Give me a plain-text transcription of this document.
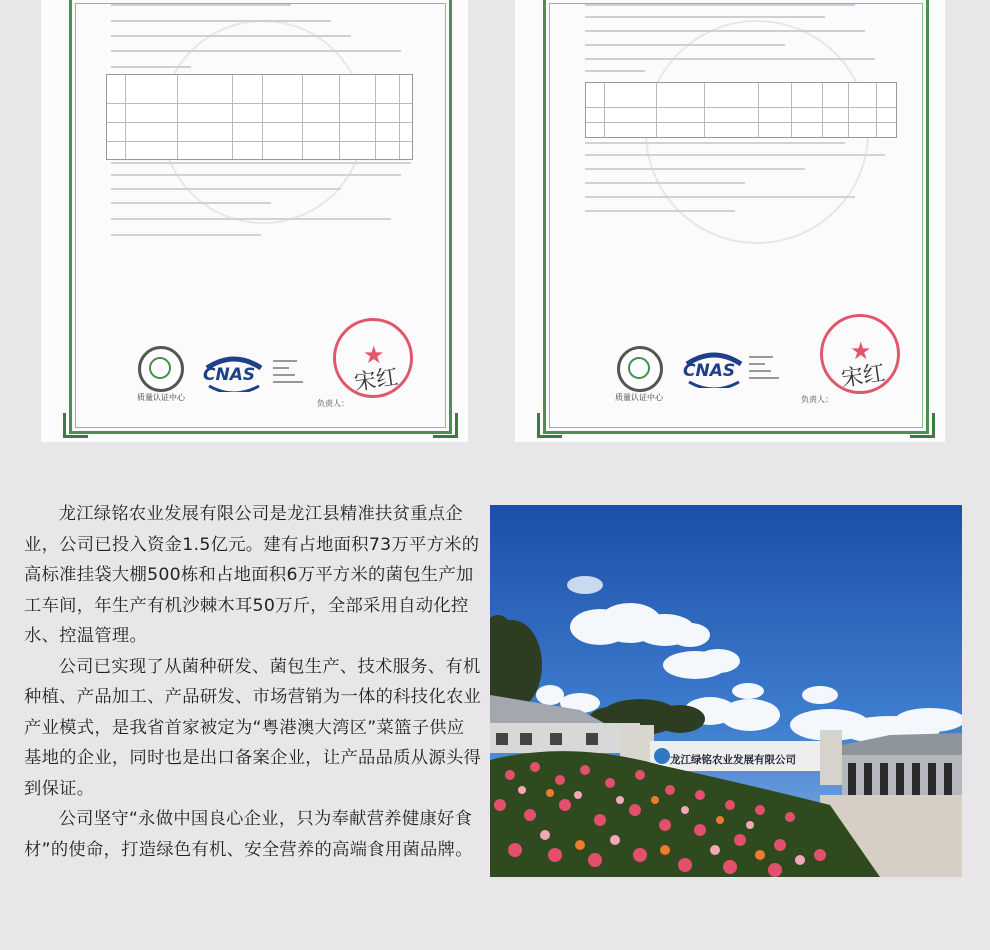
质量认证中心
CNAS
★
宋红
负责人：
质量认证中心
CNAS
★
宋红
负责人：

龙江绿铭农业发展有限公司是龙江县精准扶贫重点企业，公司已投入资金1.5亿元。建有占地面积73万平方米的高标准挂袋大棚500栋和占地面积6万平方米的菌包生产加工车间，年生产有机沙棘木耳50万斤，全部采用自动化控水、控温管理。

公司已实现了从菌种研发、菌包生产、技术服务、有机种植、产品加工、产品研发、市场营销为一体的科技化农业产业模式，是我省首家被定为“粤港澳大湾区”菜篮子供应基地的企业，同时也是出口备案企业，让产品品质从源头得到保证。

公司坚守“永做中国良心企业，只为奉献营养健康好食材”的使命，打造绿色有机、安全营养的高端食用菌品牌。

龙江绿铭农业发展有限公司
